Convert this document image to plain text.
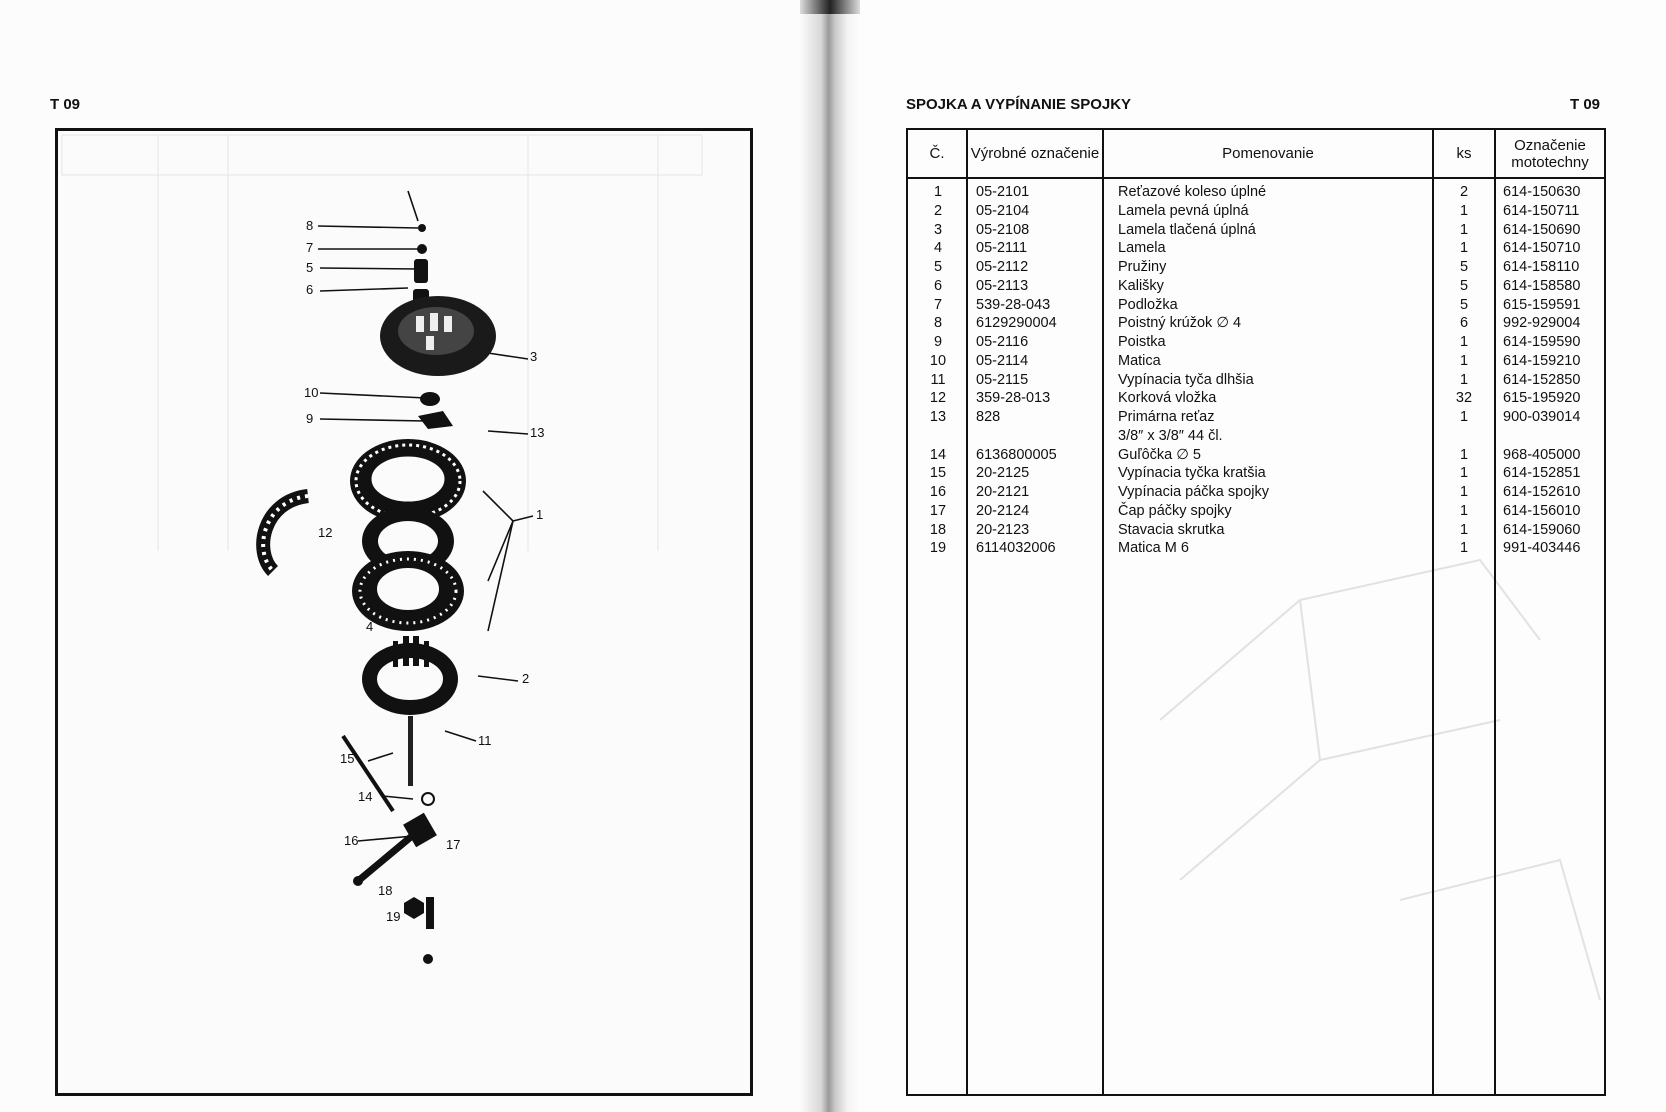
T 09
8
7
5
6
3
10
9
12
13
4
2
1
11
14
15
16	17
18
19
SPOJKA A VYPÍNANIE SPOJKY	T 09
Č.	Výrobné označenie	Pomenovanie	ks	Označenie mototechny
1	05-2101	Reťazové koleso úplné	2	614-150630
2	05-2104	Lamela pevná úplná	1	614-150711
3	05-2108	Lamela tlačená úplná	1	614-150690
4	05-2111	Lamela	1	614-150710
5	05-2112	Pružiny	5	614-158110
6	05-2113	Kališky	5	614-158580
7	539-28-043	Podložka	5	615-159591
8	6129290004	Poistný krúžok ∅ 4	6	992-929004
9	05-2116	Poistka	1	614-159590
10	05-2114	Matica	1	614-159210
11	05-2115	Vypínacia tyča dlhšia	1	614-152850
12	359-28-013	Korková vložka	32	615-195920
13	828	Primárna reťaz	1	900-039014
3/8″ x 3/8″ 44 čl.
14	6136800005	Guľôčka ∅ 5	1	968-405000
15	20-2125	Vypínacia tyčka kratšia	1	614-152851
16	20-2121	Vypínacia páčka spojky	1	614-152610
17	20-2124	Čap páčky spojky	1	614-156010
18	20-2123	Stavacia skrutka	1	614-159060
19	6114032006	Matica M 6	1	991-403446
